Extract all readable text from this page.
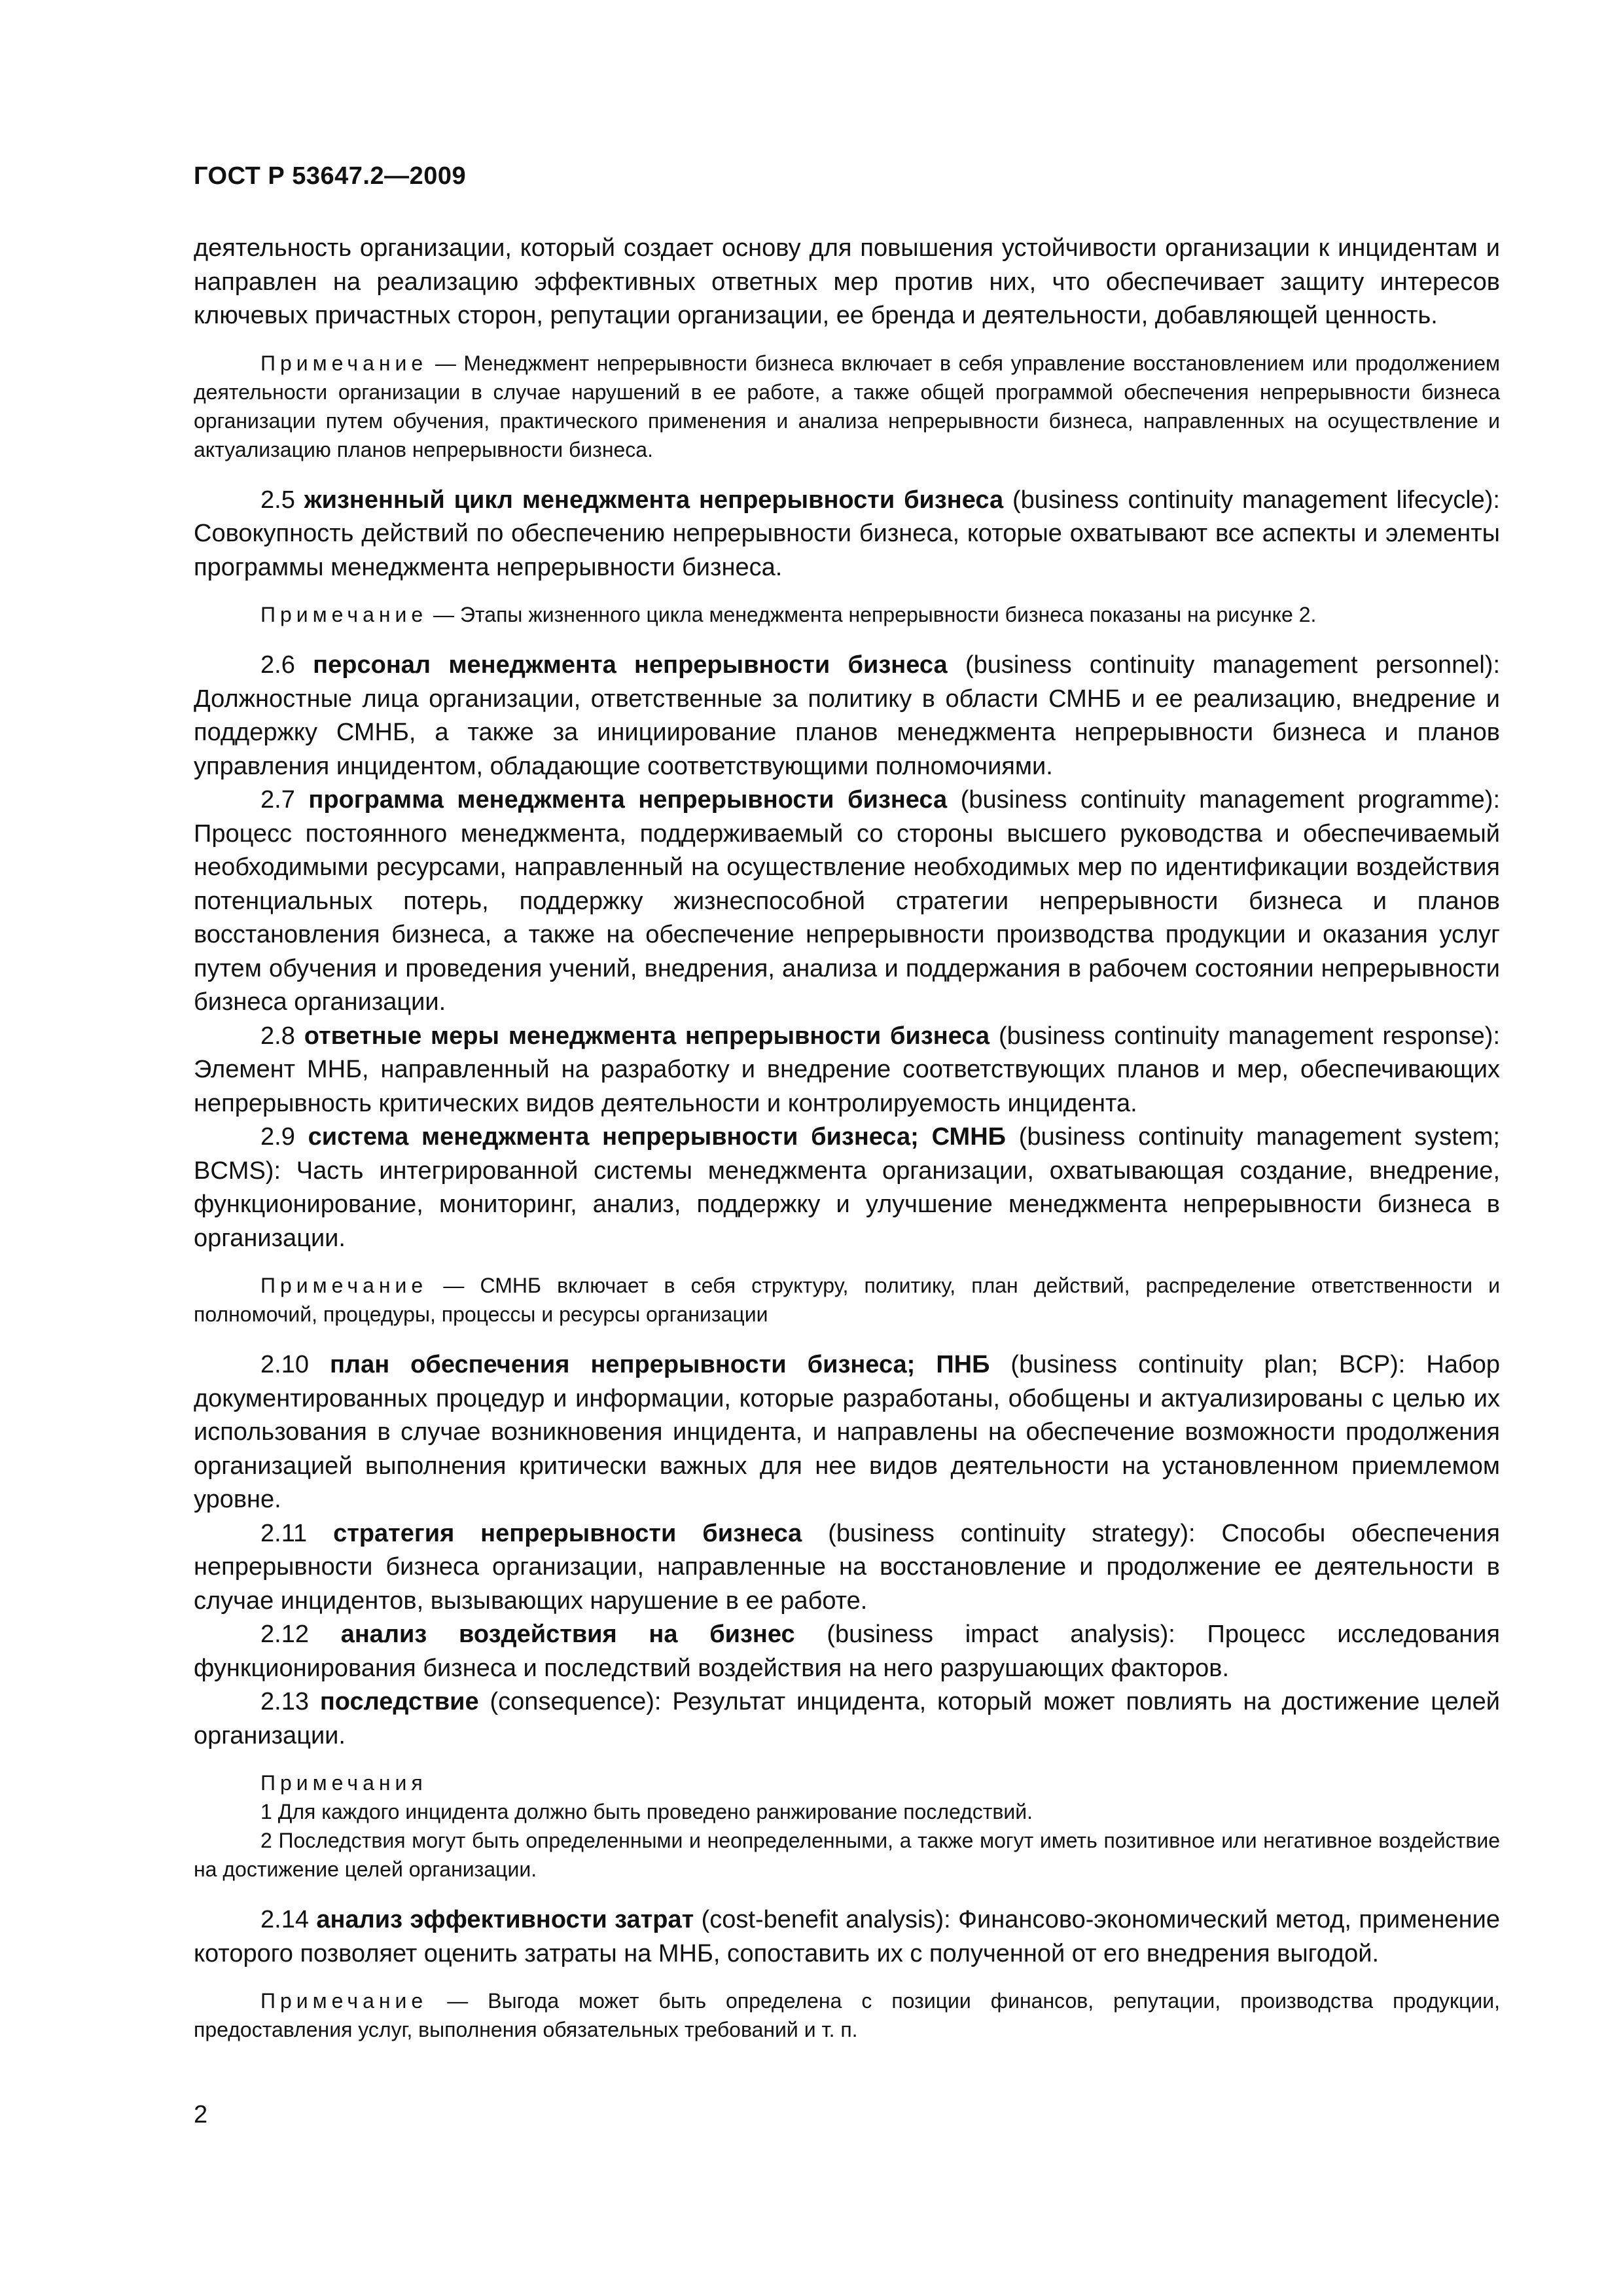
ГОСТ Р 53647.2—2009

деятельность организации, который создает основу для повышения устойчивости организации к инцидентам и направлен на реализацию эффективных ответных мер против них, что обеспечивает защиту интересов ключевых причастных сторон, репутации организации, ее бренда и деятельности, добавляющей ценность.

Примечание — Менеджмент непрерывности бизнеса включает в себя управление восстановлением или продолжением деятельности организации в случае нарушений в ее работе, а также общей программой обеспечения непрерывности бизнеса организации путем обучения, практического применения и анализа непрерывности бизнеса, направленных на осуществление и актуализацию планов непрерывности бизнеса.

2.5 жизненный цикл менеджмента непрерывности бизнеса (business continuity management lifecycle): Совокупность действий по обеспечению непрерывности бизнеса, которые охватывают все аспекты и элементы программы менеджмента непрерывности бизнеса.

Примечание — Этапы жизненного цикла менеджмента непрерывности бизнеса показаны на рисунке 2.

2.6 персонал менеджмента непрерывности бизнеса (business continuity management personnel): Должностные лица организации, ответственные за политику в области СМНБ и ее реализацию, внедрение и поддержку СМНБ, а также за инициирование планов менеджмента непрерывности бизнеса и планов управления инцидентом, обладающие соответствующими полномочиями.

2.7 программа менеджмента непрерывности бизнеса (business continuity management programme): Процесс постоянного менеджмента, поддерживаемый со стороны высшего руководства и обеспечиваемый необходимыми ресурсами, направленный на осуществление необходимых мер по идентификации воздействия потенциальных потерь, поддержку жизнеспособной стратегии непрерывности бизнеса и планов восстановления бизнеса, а также на обеспечение непрерывности производства продукции и оказания услуг путем обучения и проведения учений, внедрения, анализа и поддержания в рабочем состоянии непрерывности бизнеса организации.

2.8 ответные меры менеджмента непрерывности бизнеса (business continuity management response): Элемент МНБ, направленный на разработку и внедрение соответствующих планов и мер, обеспечивающих непрерывность критических видов деятельности и контролируемость инцидента.

2.9 система менеджмента непрерывности бизнеса; СМНБ (business continuity management system; BCMS): Часть интегрированной системы менеджмента организации, охватывающая создание, внедрение, функционирование, мониторинг, анализ, поддержку и улучшение менеджмента непрерывности бизнеса в организации.

Примечание — СМНБ включает в себя структуру, политику, план действий, распределение ответственности и полномочий, процедуры, процессы и ресурсы организации

2.10 план обеспечения непрерывности бизнеса; ПНБ (business continuity plan; BCP): Набор документированных процедур и информации, которые разработаны, обобщены и актуализированы с целью их использования в случае возникновения инцидента, и направлены на обеспечение возможности продолжения организацией выполнения критически важных для нее видов деятельности на установленном приемлемом уровне.

2.11 стратегия непрерывности бизнеса (business continuity strategy): Способы обеспечения непрерывности бизнеса организации, направленные на восстановление и продолжение ее деятельности в случае инцидентов, вызывающих нарушение в ее работе.

2.12 анализ воздействия на бизнес (business impact analysis): Процесс исследования функционирования бизнеса и последствий воздействия на него разрушающих факторов.

2.13 последствие (consequence): Результат инцидента, который может повлиять на достижение целей организации.

Примечания

1 Для каждого инцидента должно быть проведено ранжирование последствий.

2 Последствия могут быть определенными и неопределенными, а также могут иметь позитивное или негативное воздействие на достижение целей организации.

2.14 анализ эффективности затрат (cost-benefit analysis): Финансово-экономический метод, применение которого позволяет оценить затраты на МНБ, сопоставить их с полученной от его внедрения выгодой.

Примечание — Выгода может быть определена с позиции финансов, репутации, производства продукции, предоставления услуг, выполнения обязательных требований и т. п.

2
